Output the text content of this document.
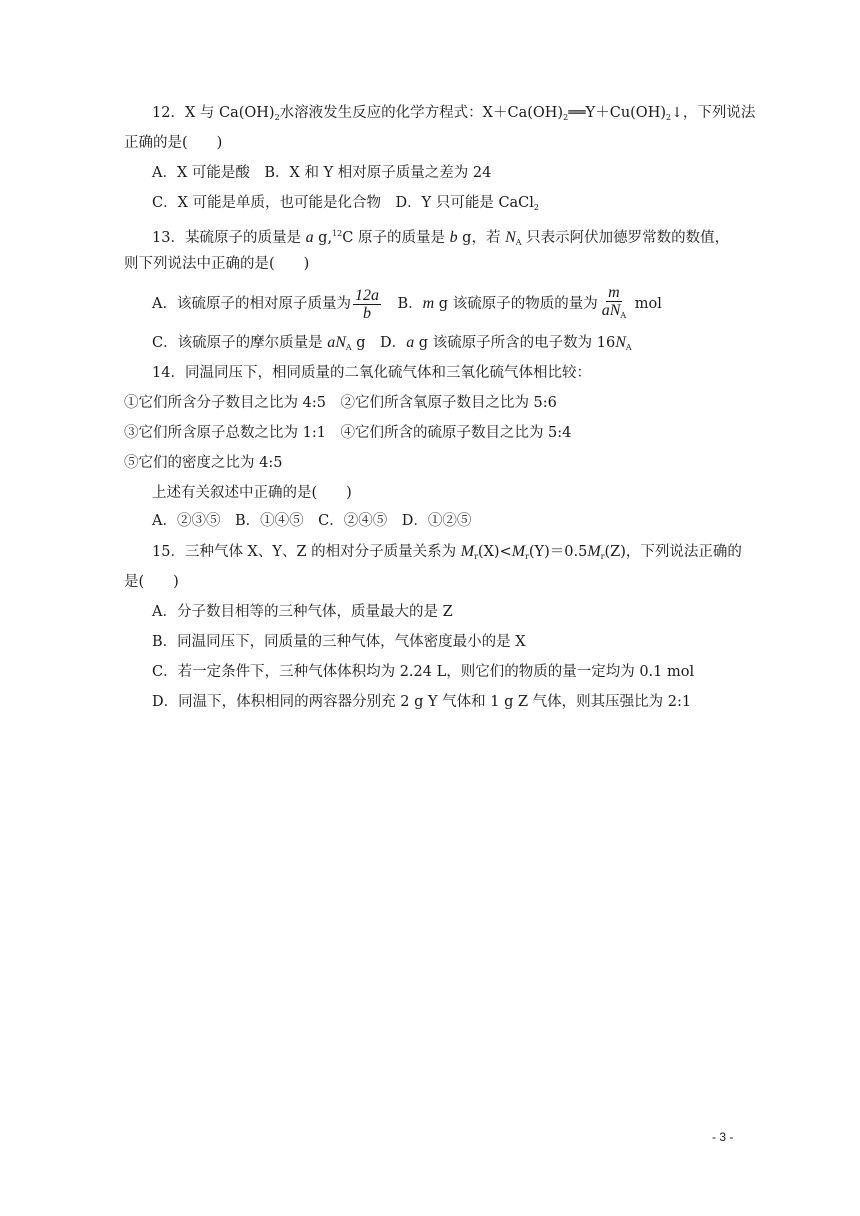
12．X 与 $Ca(OH)_2$水溶液发生反应的化学方程式：$X+Ca(OH)_2══Y+Cu(OH)_2↓$，下列说法
正确的是(　　)
A．X 可能是酸　B．X 和 Y 相对原子质量之差为 24
C．X 可能是单质，也可能是化合物　D．Y 只可能是 CaCl$_2$
13．某硫原子的质量是 a g,$^{12}$C 原子的质量是 b g，若 $N_A$ 只表示阿伏加德罗常数的数值，
则下列说法中正确的是(　　)
A．该硫原子的相对原子质量为 $\frac{12a}{b}$ 　B．m g 该硫原子的物质的量为 $\frac{m}{aN_A}$ mol
C．该硫原子的摩尔质量是 $aN_A$ g　D．a g 该硫原子所含的电子数为 $16N_A$
14．同温同压下，相同质量的二氧化硫气体和三氧化硫气体相比较：
①它们所含分子数目之比为 4:5　②它们所含氧原子数目之比为 5:6
③它们所含原子总数之比为 1:1　④它们所含的硫原子数目之比为 5:4
⑤它们的密度之比为 4:5
上述有关叙述中正确的是(　　)
A．②③⑤　B．①④⑤　C．②④⑤　D．①②⑤
15．三种气体 X、Y、Z 的相对分子质量关系为 $M_r(X)<M_r(Y)=0.5M_r(Z)$，下列说法正确的
是(　　)
A．分子数目相等的三种气体，质量最大的是 Z
B．同温同压下，同质量的三种气体，气体密度最小的是 X
C．若一定条件下，三种气体体积均为 2.24 L，则它们的物质的量一定均为 0.1 mol
D．同温下，体积相同的两容器分别充 2 g Y 气体和 1 g Z 气体，则其压强比为 2:1
- 3 -
